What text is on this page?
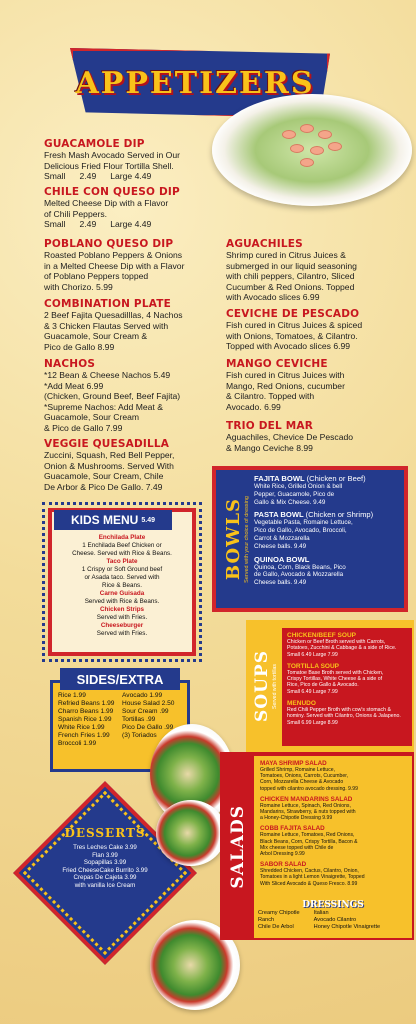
APPETIZERS
GUACAMOLE DIP
Fresh Mash Avocado Served in Our
Delicious Fried Flour Tortilla Shell.
Small 2.49 Large 4.49
CHILE CON QUESO DIP
Melted Cheese Dip with a Flavor
of Chili Peppers.
Small 2.49 Large 4.49
POBLANO QUESO DIP
Roasted Poblano Peppers & Onions
in a Melted Cheese Dip with a Flavor
of Poblano Peppers topped
with Chorizo. 5.99
COMBINATION PLATE
2 Beef Fajita Quesadilllas, 4 Nachos
& 3 Chicken Flautas Served with
Guacamole, Sour Cream &
Pico de Gallo 8.99
NACHOS
*12 Bean & Cheese Nachos 5.49
*Add Meat 6.99
(Chicken, Ground Beef, Beef Fajita)
*Supreme Nachos: Add Meat &
Guacamole, Sour Cream
& Pico de Gallo 7.99
VEGGIE QUESADILLA
Zuccini, Squash, Red Bell Pepper,
Onion & Mushrooms. Served With
Guacamole, Sour Cream, Chile
De Arbor & Pico De Gallo. 7.49
AGUACHILES
Shrimp cured in Citrus Juices &
submerged in our liquid seasoning
with chili peppers, Cilantro, Sliced
Cucumber & Red Onions. Topped
with Avocado slices 6.99
CEVICHE DE PESCADO
Fish cured in Citrus Juices & spiced
with Onions, Tomatoes, & Cilantro.
Topped with Avocado slices 6.99
MANGO CEVICHE
Fish cured in Citrus Juices with
Mango, Red Onions, cucumber
& Cilantro. Topped with
Avocado. 6.99
TRIO DEL MAR
Aguachiles, Chevice De Pescado
& Mango Ceviche 8.99
BOWLS Served with your choice of dressing
FAJITA BOWL (Chicken or Beef)
White Rice, Grilled Onion & bell
Pepper, Guacamole, Pico de
Gallo & Mix Cheese. 9.49
PASTA BOWL (Chicken or Shrimp)
Vegetable Pasta, Romaine Lettuce,
Pico de Gallo, Avocado, Broccoli,
Carrot & Mozzarella
Cheese balls. 9.49
QUINOA BOWL
Quinoa, Corn, Black Beans, Pico
de Gallo, Avocado & Mozzarella
Cheese balls. 9.49
KIDS MENU 5.49
Enchilada Plate
1 Enchilada Beef Chicken or
Cheese. Served with Rice & Beans.
Taco Plate
1 Crispy or Soft Ground beef
or Asada taco. Served with
Rice & Beans.
Carne Guisada
Served with Rice & Beans.
Chicken Strips
Served with Fries.
Cheeseburger
Served with Fries.
SIDES/EXTRA
Rice 1.99
Refried Beans 1.99
Charro Beans 1.99
Spanish Rice 1.99
White Rice 1.99
French Fries 1.99
Broccoli 1.99
Avocado 1.99
House Salad 2.50
Sour Cream .99
Tortillas .99
Pico De Gallo .99
(3) Toriados
DESSERTS
Tres Leches Cake 3.99
Flan 3.99
Sopapillas 3.99
Fried CheeseCake Burrito 3.99
Crepas De Cajeta 3.99
with vanilla Ice Cream
SOUPS Served with tortillas
CHICKEN/BEEF SOUP
Chicken or Beef Broth served with Carrots,
Potatoes, Zucchini & Cabbage & a side of Rice.
Small 6.49 Large 7.99
TORTILLA SOUP
Tomatoe Base Broth served with Chicken,
Crispy Tortillas, White Cheese & a side of
Rice, Pico de Gallo & Avocado.
Small 6.49 Large 7.99
MENUDO
Red Chili Pepper Broth with cow's stomach &
hominy. Served with Cilantro, Onions & Jalapeno.
Small 6.99 Large 8.99
SALADS
MAYA SHRIMP SALAD
Grilled Shrimp, Romaine Lettuce,
Tomatoes, Onions, Carrots, Cucumber,
Corn, Mozzarella Cheese & Avocado
topped with cilantro avocado dressing. 9.99
CHICKEN MANDARINS SALAD
Romaine Lettuce, Spinach, Red Onions,
Mandarins, Strawberry, & nuts topped with
a Honey-Chipotle Dressing 9.99
COBB FAJITA SALAD
Romaine Lettuce, Tomatoes, Red Onions,
Black Beans, Corn, Crispy Tortilla, Bacon &
Mix cheese topped with Chile de
Arbol Dressing 9.99
SABOR SALAD
Shredded Chicken, Cactus, Cilantro, Onion,
Tomatoes in a light Lemon Vinaigrette, Topped
With Sliced Avocado & Queso Fresco. 8.99
DRESSINGS
Creamy Chipotle
Ranch
Chile De Arbol
Italian
Avocado Cilantro
Honey Chipotle Vinaigrette
